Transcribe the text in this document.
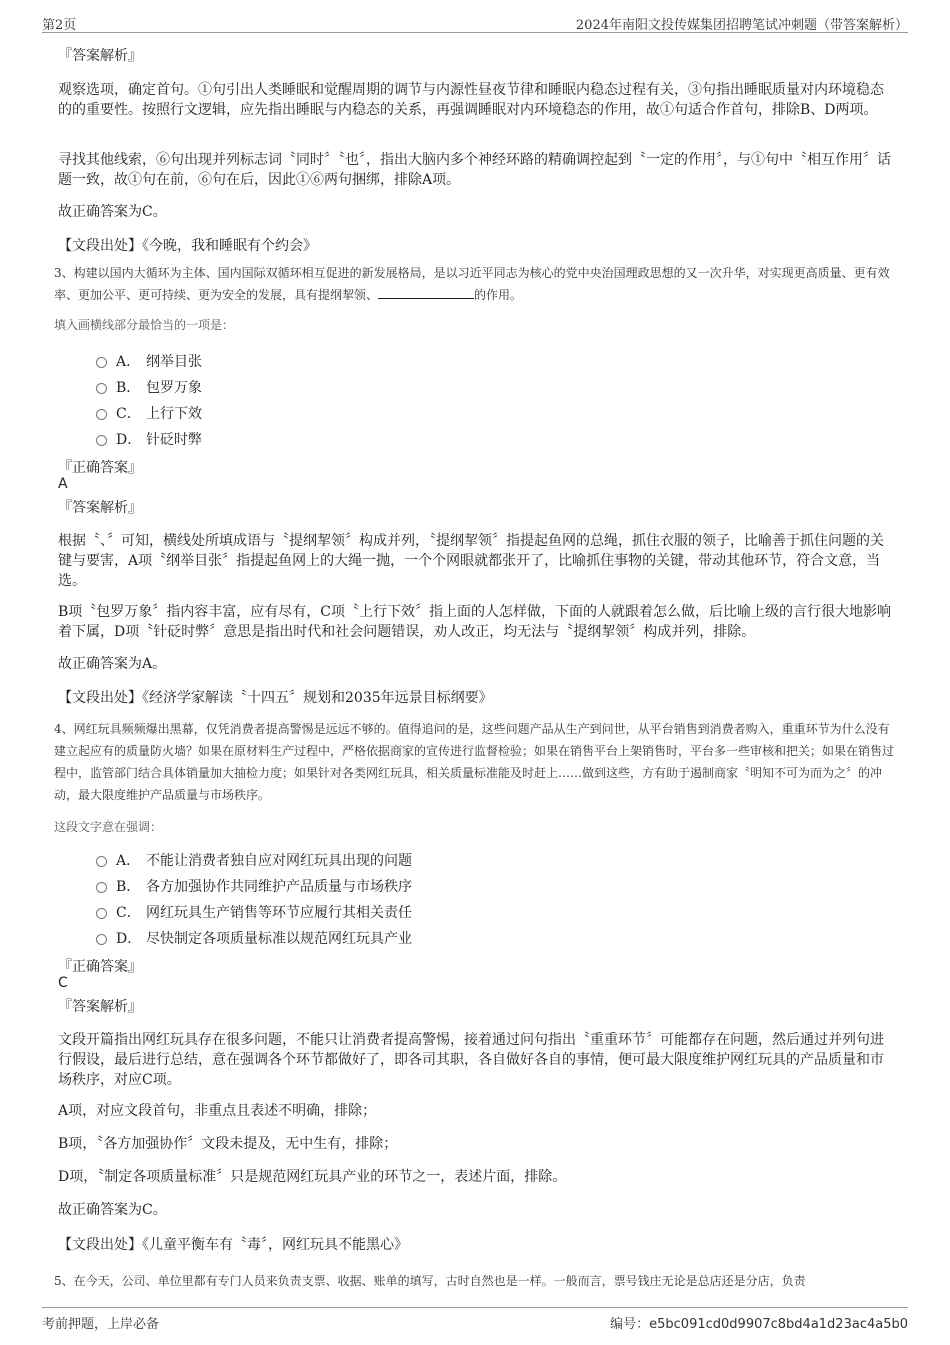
第2页	2024年南阳文投传媒集团招聘笔试冲刺题（带答案解析）
『答案解析』

观察选项，确定首句。①句引出人类睡眠和觉醒周期的调节与内源性昼夜节律和睡眠内稳态过程有关，③句指出睡眠质量对内环境稳态的的重要性。按照行文逻辑，应先指出睡眠与内稳态的关系，再强调睡眠对内环境稳态的作用，故①句适合作首句，排除B、D两项。

寻找其他线索，⑥句出现并列标志词〝同时〞〝也〞，指出大脑内多个神经环路的精确调控起到〝一定的作用〞，与①句中〝相互作用〞话题一致，故①句在前，⑥句在后，因此①⑥两句捆绑，排除A项。

故正确答案为C。

【文段出处】《今晚，我和睡眠有个约会》

3、构建以国内大循环为主体、国内国际双循环相互促进的新发展格局，是以习近平同志为核心的党中央治国理政思想的又一次升华，对实现更高质量、更有效率、更加公平、更可持续、更为安全的发展，具有提纲挈领、	的作用。

填入画横线部分最恰当的一项是：

A． 纲举目张
B． 包罗万象
C． 上行下效
D． 针砭时弊
『正确答案』
A
『答案解析』

根据〝、〞可知，横线处所填成语与〝提纲挈领〞构成并列，〝提纲挈领〞指提起鱼网的总绳，抓住衣服的领子，比喻善于抓住问题的关键与要害，A项〝纲举目张〞指提起鱼网上的大绳一抛，一个个网眼就都张开了，比喻抓住事物的关键，带动其他环节，符合文意，当选。

B项〝包罗万象〞指内容丰富，应有尽有，C项〝上行下效〞指上面的人怎样做，下面的人就跟着怎么做，后比喻上级的言行很大地影响着下属，D项〝针砭时弊〞意思是指出时代和社会问题错误，劝人改正，均无法与〝提纲挈领〞构成并列，排除。

故正确答案为A。

【文段出处】《经济学家解读〝十四五〞规划和2035年远景目标纲要》

4、网红玩具频频爆出黑幕，仅凭消费者提高警惕是远远不够的。值得追问的是，这些问题产品从生产到问世，从平台销售到消费者购入，重重环节为什么没有建立起应有的质量防火墙？如果在原材料生产过程中，严格依据商家的宣传进行监督检验；如果在销售平台上架销售时，平台多一些审核和把关；如果在销售过程中，监管部门结合具体销量加大抽检力度；如果针对各类网红玩具，相关质量标准能及时赶上……做到这些，方有助于遏制商家〝明知不可为而为之〞的冲动，最大限度维护产品质量与市场秩序。

这段文字意在强调：

A． 不能让消费者独自应对网红玩具出现的问题
B． 各方加强协作共同维护产品质量与市场秩序
C． 网红玩具生产销售等环节应履行其相关责任
D． 尽快制定各项质量标准以规范网红玩具产业
『正确答案』
C
『答案解析』

文段开篇指出网红玩具存在很多问题，不能只让消费者提高警惕，接着通过问句指出〝重重环节〞可能都存在问题，然后通过并列句进行假设，最后进行总结，意在强调各个环节都做好了，即各司其职，各自做好各自的事情，便可最大限度维护网红玩具的产品质量和市场秩序，对应C项。

A项，对应文段首句，非重点且表述不明确，排除；

B项，〝各方加强协作〞文段未提及，无中生有，排除；

D项，〝制定各项质量标准〞只是规范网红玩具产业的环节之一，表述片面，排除。

故正确答案为C。

【文段出处】《儿童平衡车有〝毒〞，网红玩具不能黑心》

5、在今天，公司、单位里都有专门人员来负责支票、收据、账单的填写，古时自然也是一样。一般而言，票号钱庄无论是总店还是分店，负责

考前押题，上岸必备	编号：e5bc091cd0d9907c8bd4a1d23ac4a5b0
